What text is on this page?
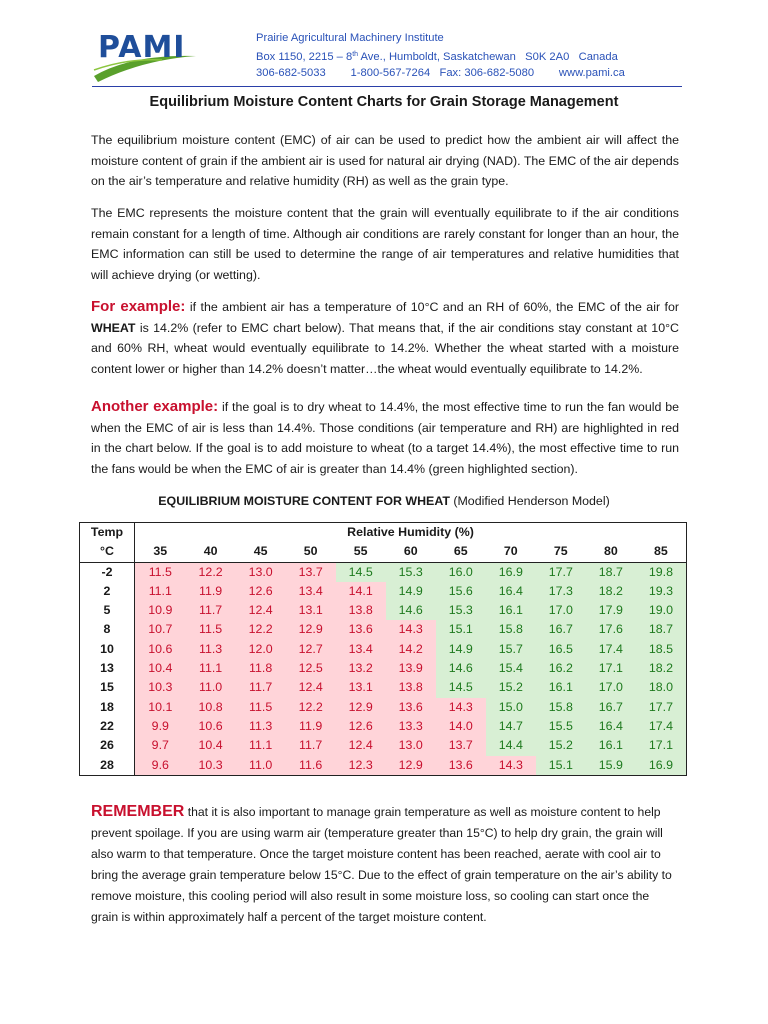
PAMI	Prairie Agricultural Machinery Institute
Box 1150, 2215 – 8th Ave., Humboldt, Saskatchewan   S0K 2A0   Canada
306-682-5033 1-800-567-7264 Fax: 306-682-5080 www.pami.ca
Equilibrium Moisture Content Charts for Grain Storage Management
The equilibrium moisture content (EMC) of air can be used to predict how the ambient air will affect the moisture content of grain if the ambient air is used for natural air drying (NAD). The EMC of the air depends on the air’s temperature and relative humidity (RH) as well as the grain type.
The EMC represents the moisture content that the grain will eventually equilibrate to if the air conditions remain constant for a length of time. Although air conditions are rarely constant for longer than an hour, the EMC information can still be used to determine the range of air temperatures and relative humidities that will achieve drying (or wetting).
For example: if the ambient air has a temperature of 10°C and an RH of 60%, the EMC of the air for WHEAT is 14.2% (refer to EMC chart below). That means that, if the air conditions stay constant at 10°C and 60% RH, wheat would eventually equilibrate to 14.2%. Whether the wheat started with a moisture content lower or higher than 14.2% doesn’t matter…the wheat would eventually equilibrate to 14.2%.
Another example: if the goal is to dry wheat to 14.4%, the most effective time to run the fan would be when the EMC of air is less than 14.4%. Those conditions (air temperature and RH) are highlighted in red in the chart below. If the goal is to add moisture to wheat (to a target 14.4%), the most effective time to run the fans would be when the EMC of air is greater than 14.4% (green highlighted section).
EQUILIBRIUM MOISTURE CONTENT FOR WHEAT (Modified Henderson Model)
Temp	Relative Humidity (%)										
°C	35	40	45	50	55	60	65	70	75	80	85
-2	11.5	12.2	13.0	13.7	14.5	15.3	16.0	16.9	17.7	18.7	19.8
2	11.1	11.9	12.6	13.4	14.1	14.9	15.6	16.4	17.3	18.2	19.3
5	10.9	11.7	12.4	13.1	13.8	14.6	15.3	16.1	17.0	17.9	19.0
8	10.7	11.5	12.2	12.9	13.6	14.3	15.1	15.8	16.7	17.6	18.7
10	10.6	11.3	12.0	12.7	13.4	14.2	14.9	15.7	16.5	17.4	18.5
13	10.4	11.1	11.8	12.5	13.2	13.9	14.6	15.4	16.2	17.1	18.2
15	10.3	11.0	11.7	12.4	13.1	13.8	14.5	15.2	16.1	17.0	18.0
18	10.1	10.8	11.5	12.2	12.9	13.6	14.3	15.0	15.8	16.7	17.7
22	9.9	10.6	11.3	11.9	12.6	13.3	14.0	14.7	15.5	16.4	17.4
26	9.7	10.4	11.1	11.7	12.4	13.0	13.7	14.4	15.2	16.1	17.1
28	9.6	10.3	11.0	11.6	12.3	12.9	13.6	14.3	15.1	15.9	16.9
REMEMBER that it is also important to manage grain temperature as well as moisture content to help prevent spoilage. If you are using warm air (temperature greater than 15°C) to help dry grain, the grain will also warm to that temperature. Once the target moisture content has been reached, aerate with cool air to bring the average grain temperature below 15°C. Due to the effect of grain temperature on the air’s ability to remove moisture, this cooling period will also result in some moisture loss, so cooling can start once the grain is within approximately half a percent of the target moisture content.
